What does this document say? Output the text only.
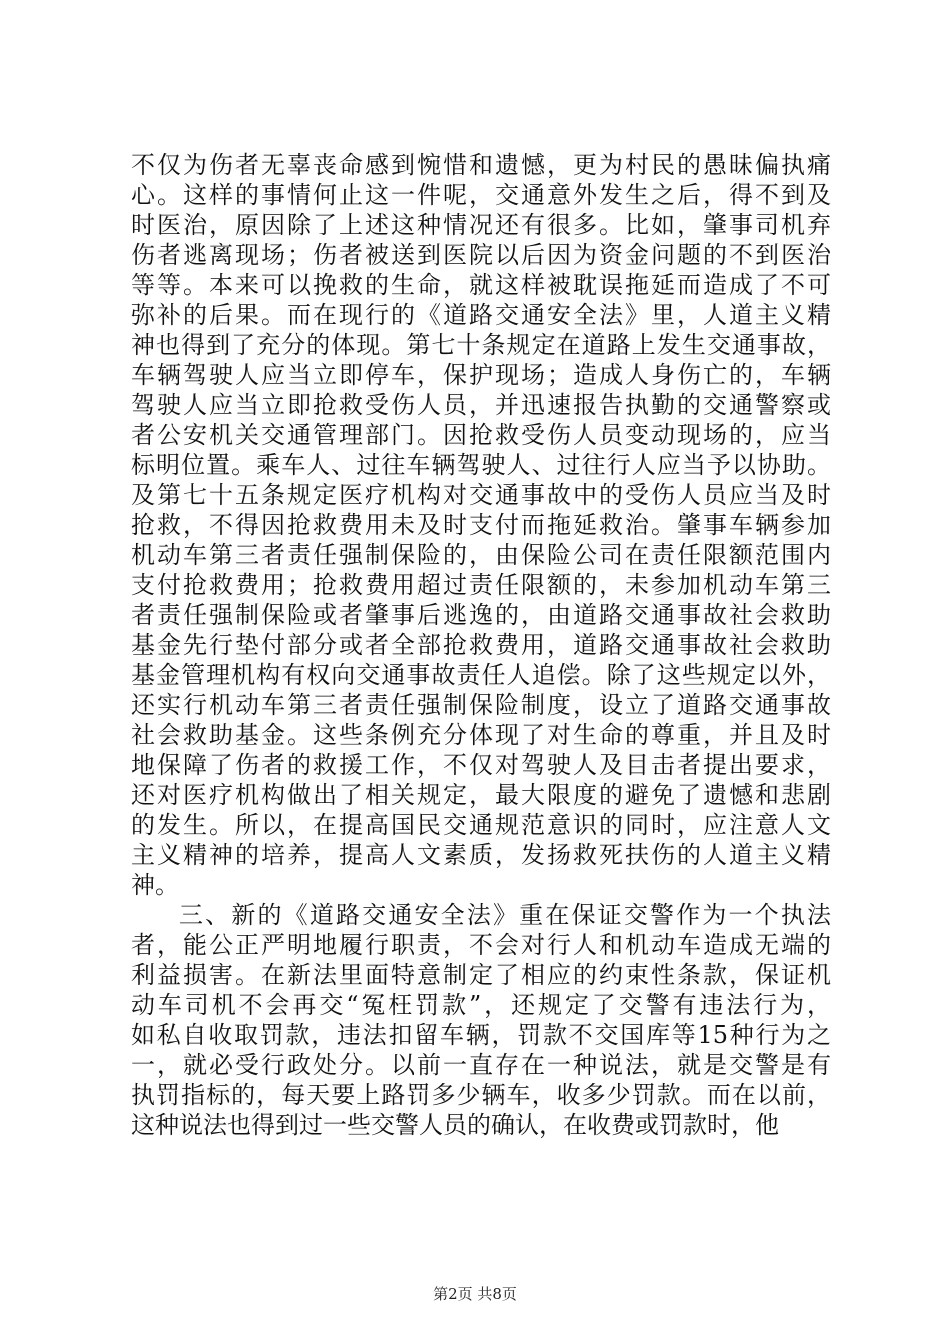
不仅为伤者无辜丧命感到惋惜和遗憾，更为村民的愚昧偏执痛
心。这样的事情何止这一件呢，交通意外发生之后，得不到及
时医治，原因除了上述这种情况还有很多。比如，肇事司机弃
伤者逃离现场；伤者被送到医院以后因为资金问题的不到医治
等等。本来可以挽救的生命，就这样被耽误拖延而造成了不可
弥补的后果。而在现行的《道路交通安全法》里，人道主义精
神也得到了充分的体现。第七十条规定在道路上发生交通事故，
车辆驾驶人应当立即停车，保护现场；造成人身伤亡的，车辆
驾驶人应当立即抢救受伤人员，并迅速报告执勤的交通警察或
者公安机关交通管理部门。因抢救受伤人员变动现场的，应当
标明位置。乘车人、过往车辆驾驶人、过往行人应当予以协助。
及第七十五条规定医疗机构对交通事故中的受伤人员应当及时
抢救，不得因抢救费用未及时支付而拖延救治。肇事车辆参加
机动车第三者责任强制保险的，由保险公司在责任限额范围内
支付抢救费用；抢救费用超过责任限额的，未参加机动车第三
者责任强制保险或者肇事后逃逸的，由道路交通事故社会救助
基金先行垫付部分或者全部抢救费用，道路交通事故社会救助
基金管理机构有权向交通事故责任人追偿。除了这些规定以外，
还实行机动车第三者责任强制保险制度，设立了道路交通事故
社会救助基金。这些条例充分体现了对生命的尊重，并且及时
地保障了伤者的救援工作，不仅对驾驶人及目击者提出要求，
还对医疗机构做出了相关规定，最大限度的避免了遗憾和悲剧
的发生。所以，在提高国民交通规范意识的同时，应注意人文
主义精神的培养，提高人文素质，发扬救死扶伤的人道主义精
神。
三、新的《道路交通安全法》重在保证交警作为一个执法
者，能公正严明地履行职责，不会对行人和机动车造成无端的
利益损害。在新法里面特意制定了相应的约束性条款，保证机
动车司机不会再交“冤枉罚款”，还规定了交警有违法行为，
如私自收取罚款，违法扣留车辆，罚款不交国库等15种行为之
一，就必受行政处分。以前一直存在一种说法，就是交警是有
执罚指标的，每天要上路罚多少辆车，收多少罚款。而在以前，
这种说法也得到过一些交警人员的确认，在收费或罚款时，他
第2页 共8页
